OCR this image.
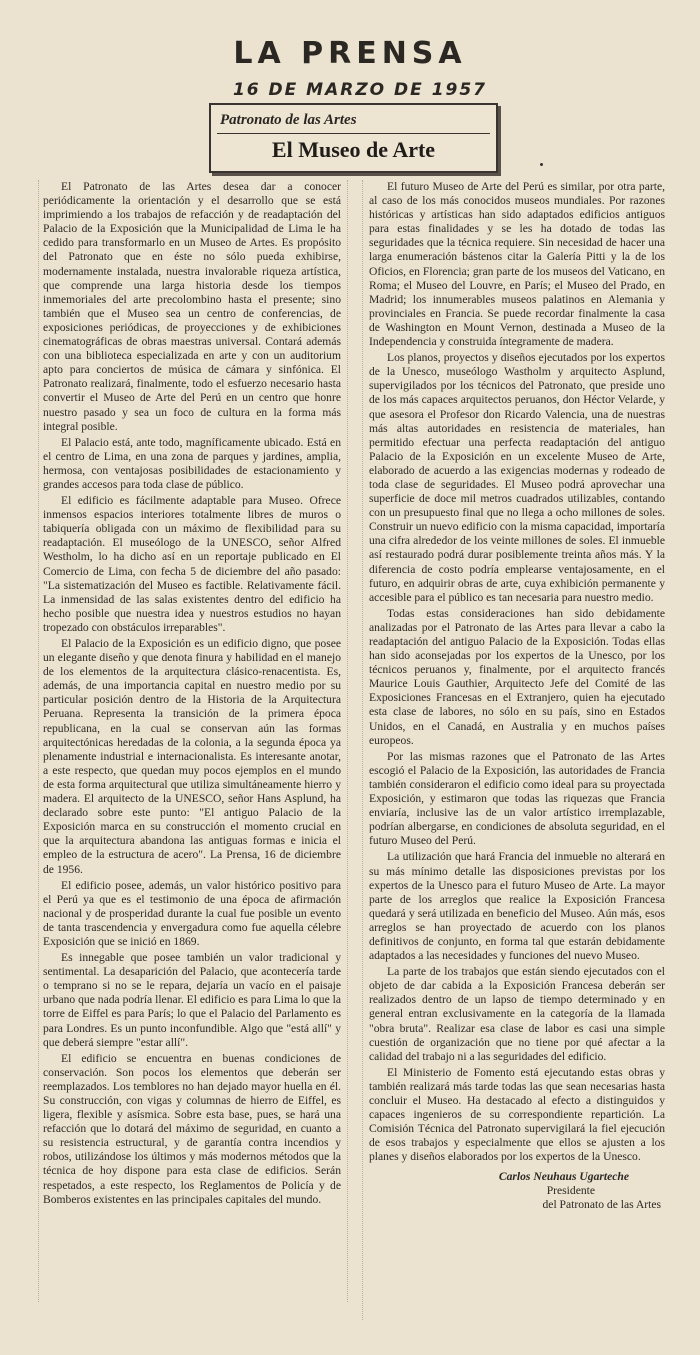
LA PRENSA
16 DE MARZO DE 1957
Patronato de las Artes
El Museo de Arte

El Patronato de las Artes desea dar a conocer periódicamente la orientación y el desarrollo que se está imprimiendo a los trabajos de refacción y de readaptación del Palacio de la Exposición que la Municipalidad de Lima le ha cedido para transformarlo en un Museo de Artes. Es propósito del Patronato que en éste no sólo pueda exhibirse, modernamente instalada, nuestra invalorable riqueza artística, que comprende una larga historia desde los tiempos inmemoriales del arte precolombino hasta el presente; sino también que el Museo sea un centro de conferencias, de exposiciones periódicas, de proyecciones y de exhibiciones cinematográficas de obras maestras universal. Contará además con una biblioteca especializada en arte y con un auditorium apto para conciertos de música de cámara y sinfónica. El Patronato realizará, finalmente, todo el esfuerzo necesario hasta convertir el Museo de Arte del Perú en un centro que honre nuestro pasado y sea un foco de cultura en la forma más integral posible.

El Palacio está, ante todo, magníficamente ubicado. Está en el centro de Lima, en una zona de parques y jardines, amplia, hermosa, con ventajosas posibilidades de estacionamiento y grandes accesos para toda clase de público.

El edificio es fácilmente adaptable para Museo. Ofrece inmensos espacios interiores totalmente libres de muros o tabiquería obligada con un máximo de flexibilidad para su readaptación. El museólogo de la UNESCO, señor Alfred Westholm, lo ha dicho así en un reportaje publicado en El Comercio de Lima, con fecha 5 de diciembre del año pasado: "La sistematización del Museo es factible. Relativamente fácil. La inmensidad de las salas existentes dentro del edificio ha hecho posible que nuestra idea y nuestros estudios no hayan tropezado con obstáculos irreparables".

El Palacio de la Exposición es un edificio digno, que posee un elegante diseño y que denota finura y habilidad en el manejo de los elementos de la arquitectura clásico-renacentista. Es, además, de una importancia capital en nuestro medio por su particular posición dentro de la Historia de la Arquitectura Peruana. Representa la transición de la primera época republicana, en la cual se conservan aún las formas arquitectónicas heredadas de la colonia, a la segunda época ya plenamente industrial e internacionalista. Es interesante anotar, a este respecto, que quedan muy pocos ejemplos en el mundo de esta forma arquitectural que utiliza simultáneamente hierro y madera. El arquitecto de la UNESCO, señor Hans Asplund, ha declarado sobre este punto: "El antiguo Palacio de la Exposición marca en su construcción el momento crucial en que la arquitectura abandona las antiguas formas e inicia el empleo de la estructura de acero". La Prensa, 16 de diciembre de 1956.

El edificio posee, además, un valor histórico positivo para el Perú ya que es el testimonio de una época de afirmación nacional y de prosperidad durante la cual fue posible un evento de tanta trascendencia y envergadura como fue aquella célebre Exposición que se inició en 1869.

Es innegable que posee también un valor tradicional y sentimental. La desaparición del Palacio, que acontecería tarde o temprano si no se le repara, dejaría un vacío en el paisaje urbano que nada podría llenar. El edificio es para Lima lo que la torre de Eiffel es para París; lo que el Palacio del Parlamento es para Londres. Es un punto inconfundible. Algo que "está allí" y que deberá siempre "estar allí".

El edificio se encuentra en buenas condiciones de conservación. Son pocos los elementos que deberán ser reemplazados. Los temblores no han dejado mayor huella en él. Su construcción, con vigas y columnas de hierro de Eiffel, es ligera, flexible y asísmica. Sobre esta base, pues, se hará una refacción que lo dotará del máximo de seguridad, en cuanto a su resistencia estructural, y de garantía contra incendios y robos, utilizándose los últimos y más modernos métodos que la técnica de hoy dispone para esta clase de edificios. Serán respetados, a este respecto, los Reglamentos de Policía y de Bomberos existentes en las principales capitales del mundo.

El futuro Museo de Arte del Perú es similar, por otra parte, al caso de los más conocidos museos mundiales. Por razones históricas y artísticas han sido adaptados edificios antiguos para estas finalidades y se les ha dotado de todas las seguridades que la técnica requiere. Sin necesidad de hacer una larga enumeración bástenos citar la Galería Pitti y la de los Oficios, en Florencia; gran parte de los museos del Vaticano, en Roma; el Museo del Louvre, en París; el Museo del Prado, en Madrid; los innumerables museos palatinos en Alemania y provinciales en Francia. Se puede recordar finalmente la casa de Washington en Mount Vernon, destinada a Museo de la Independencia y construida íntegramente de madera.

Los planos, proyectos y diseños ejecutados por los expertos de la Unesco, museólogo Wastholm y arquitecto Asplund, supervigilados por los técnicos del Patronato, que preside uno de los más capaces arquitectos peruanos, don Héctor Velarde, y que asesora el Profesor don Ricardo Valencia, una de nuestras más altas autoridades en resistencia de materiales, han permitido efectuar una perfecta readaptación del antiguo Palacio de la Exposición en un excelente Museo de Arte, elaborado de acuerdo a las exigencias modernas y rodeado de toda clase de seguridades. El Museo podrá aprovechar una superficie de doce mil metros cuadrados utilizables, contando con un presupuesto final que no llega a ocho millones de soles. Construir un nuevo edificio con la misma capacidad, importaría una cifra alrededor de los veinte millones de soles. El inmueble así restaurado podrá durar posiblemente treinta años más. Y la diferencia de costo podría emplearse ventajosamente, en el futuro, en adquirir obras de arte, cuya exhibición permanente y accesible para el público es tan necesaria para nuestro medio.

Todas estas consideraciones han sido debidamente analizadas por el Patronato de las Artes para llevar a cabo la readaptación del antiguo Palacio de la Exposición. Todas ellas han sido aconsejadas por los expertos de la Unesco, por los técnicos peruanos y, finalmente, por el arquitecto francés Maurice Louis Gauthier, Arquitecto Jefe del Comité de las Exposiciones Francesas en el Extranjero, quien ha ejecutado esta clase de labores, no sólo en su país, sino en Estados Unidos, en el Canadá, en Australia y en muchos países europeos.

Por las mismas razones que el Patronato de las Artes escogió el Palacio de la Exposición, las autoridades de Francia también consideraron el edificio como ideal para su proyectada Exposición, y estimaron que todas las riquezas que Francia enviaría, inclusive las de un valor artístico irremplazable, podrían albergarse, en condiciones de absoluta seguridad, en el futuro Museo del Perú.

La utilización que hará Francia del inmueble no alterará en su más mínimo detalle las disposiciones previstas por los expertos de la Unesco para el futuro Museo de Arte. La mayor parte de los arreglos que realice la Exposición Francesa quedará y será utilizada en beneficio del Museo. Aún más, esos arreglos se han proyectado de acuerdo con los planos definitivos de conjunto, en forma tal que estarán debidamente adaptados a las necesidades y funciones del nuevo Museo.

La parte de los trabajos que están siendo ejecutados con el objeto de dar cabida a la Exposición Francesa deberán ser realizados dentro de un lapso de tiempo determinado y en general entran exclusivamente en la categoría de la llamada "obra bruta". Realizar esa clase de labor es casi una simple cuestión de organización que no tiene por qué afectar a la calidad del trabajo ni a las seguridades del edificio.

El Ministerio de Fomento está ejecutando estas obras y también realizará más tarde todas las que sean necesarias hasta concluir el Museo. Ha destacado al efecto a distinguidos y capaces ingenieros de su correspondiente repartición. La Comisión Técnica del Patronato supervigilará la fiel ejecución de esos trabajos y especialmente que ellos se ajusten a los planes y diseños elaborados por los expertos de la Unesco.

Carlos Neuhaus Ugarteche
Presidente
del Patronato de las Artes
